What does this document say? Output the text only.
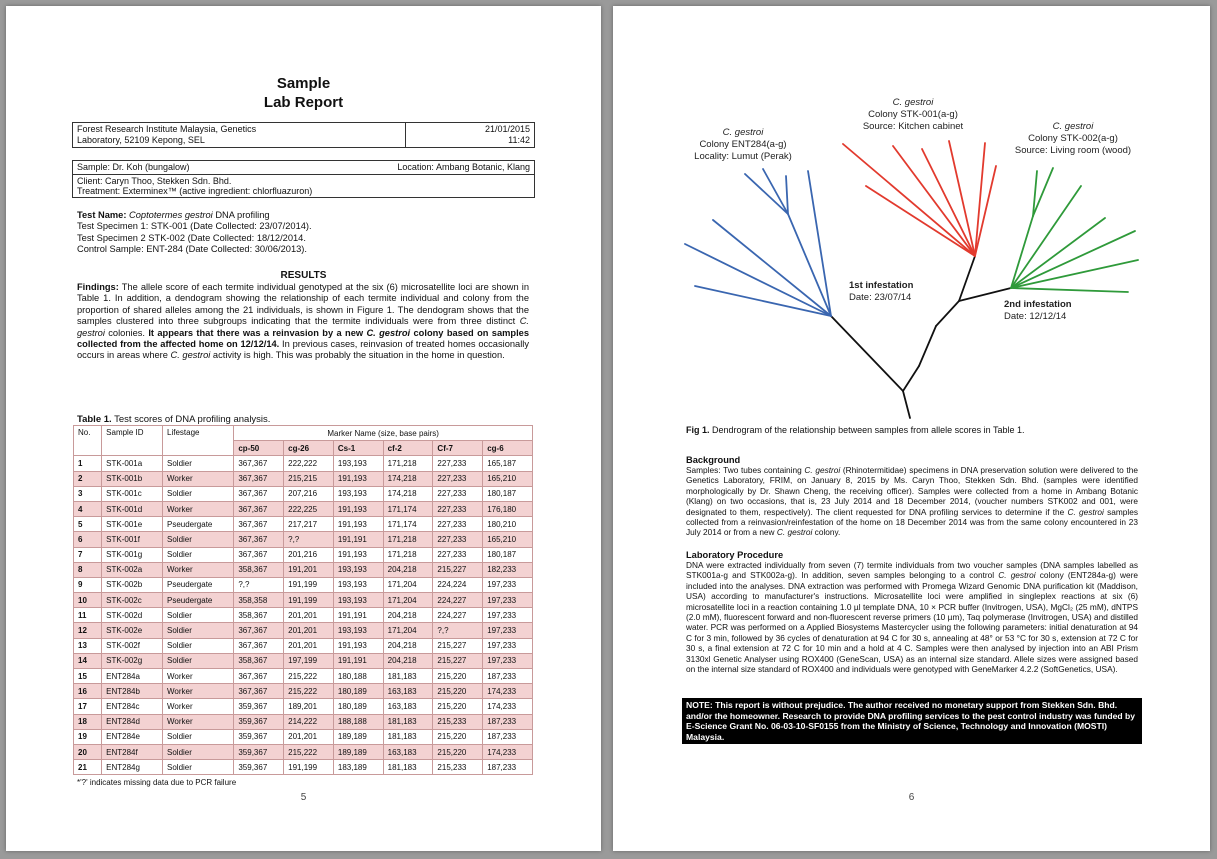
Sample
Lab Report
Forest Research Institute Malaysia, Genetics
Laboratory, 52109 Kepong, SEL	21/01/2015
11:42
Sample: Dr. Koh (bungalow)	Location: Ambang Botanic, Klang
Client: Caryn Thoo, Stekken Sdn. Bhd.
Treatment: Exterminex™ (active ingredient: chlorfluazuron)
Test Name: Coptotermes gestroi DNA profiling
Test Specimen 1: STK-001 (Date Collected: 23/07/2014).
Test Specimen 2 STK-002 (Date Collected: 18/12/2014.
Control Sample: ENT-284 (Date Collected: 30/06/2013).
RESULTS
Findings: The allele score of each termite individual genotyped at the six (6) microsatellite loci are shown in Table 1. In addition, a dendogram showing the relationship of each termite individual and colony from the proportion of shared alleles among the 21 individuals, is shown in Figure 1. The dendogram shows that the samples clustered into three subgroups indicating that the termite individuals were from three distinct C. gestroi colonies. It appears that there was a reinvasion by a new C. gestroi colony based on samples collected from the affected home on 12/12/14. In previous cases, reinvasion of treated homes occasionally occurs in areas where C. gestroi activity is high. This was probably the situation in the home in question.
Table 1. Test scores of DNA profiling analysis.
No.	Sample ID	Lifestage	Marker Name (size, base pairs)					
			cp-50	cg-26	Cs-1	cf-2	Cf-7	cg-6
1	STK-001a	Soldier	367,367	222,222	193,193	171,218	227,233	165,187
2	STK-001b	Worker	367,367	215,215	191,193	174,218	227,233	165,210
3	STK-001c	Soldier	367,367	207,216	193,193	174,218	227,233	180,187
4	STK-001d	Worker	367,367	222,225	191,193	171,174	227,233	176,180
5	STK-001e	Pseudergate	367,367	217,217	191,193	171,174	227,233	180,210
6	STK-001f	Soldier	367,367	?,?	191,191	171,218	227,233	165,210
7	STK-001g	Soldier	367,367	201,216	191,193	171,218	227,233	180,187
8	STK-002a	Worker	358,367	191,201	193,193	204,218	215,227	182,233
9	STK-002b	Pseudergate	?,?	191,199	193,193	171,204	224,224	197,233
10	STK-002c	Pseudergate	358,358	191,199	193,193	171,204	224,227	197,233
11	STK-002d	Soldier	358,367	201,201	191,191	204,218	224,227	197,233
12	STK-002e	Soldier	367,367	201,201	193,193	171,204	?,?	197,233
13	STK-002f	Soldier	367,367	201,201	191,193	204,218	215,227	197,233
14	STK-002g	Soldier	358,367	197,199	191,191	204,218	215,227	197,233
15	ENT284a	Worker	367,367	215,222	180,188	181,183	215,220	187,233
16	ENT284b	Worker	367,367	215,222	180,189	163,183	215,220	174,233
17	ENT284c	Worker	359,367	189,201	180,189	163,183	215,220	174,233
18	ENT284d	Worker	359,367	214,222	188,188	181,183	215,233	187,233
19	ENT284e	Soldier	359,367	201,201	189,189	181,183	215,220	187,233
20	ENT284f	Soldier	359,367	215,222	189,189	163,183	215,220	174,233
21	ENT284g	Soldier	359,367	191,199	183,189	181,183	215,233	187,233
*'?' indicates missing data due to PCR failure
5
C. gestroi
Colony ENT284(a-g)
Locality: Lumut (Perak)
C. gestroi
Colony STK-001(a-g)
Source: Kitchen cabinet	C. gestroi
Colony STK-002(a-g)
Source: Living room (wood)
1st infestation
Date: 23/07/14
2nd infestation
Date: 12/12/14
Fig 1. Dendrogram of the relationship between samples from allele scores in Table 1.
Background
Samples: Two tubes containing C. gestroi (Rhinotermitidae) specimens in DNA preservation solution were delivered to the Genetics Laboratory, FRIM, on January 8, 2015 by Ms. Caryn Thoo, Stekken Sdn. Bhd. (samples were identified morphologically by Dr. Shawn Cheng, the receiving officer). Samples were collected from a home in Ambang Botanic (Klang) on two occasions, that is, 23 July 2014 and 18 December 2014, (voucher numbers STK002 and 001, were designated to them, respectively). The client requested for DNA profiling services to determine if the C. gestroi samples collected from a reinvasion/reinfestation of the home on 18 December 2014 was from the same colony encountered in 23 July 2014 or from a new C. gestroi colony.
Laboratory Procedure
DNA were extracted individually from seven (7) termite individuals from two voucher samples (DNA samples labelled as STK001a-g and STK002a-g). In addition, seven samples belonging to a control C. gestroi colony (ENT284a-g) were included into the analyses. DNA extraction was performed with Promega Wizard Genomic DNA purification kit (Maddison, USA) according to manufacturer's instructions. Microsatellite loci were amplified in singleplex reactions at six (6) microsatellite loci in a reaction containing 1.0 µl template DNA, 10 × PCR buffer (Invitrogen, USA), MgCl₂ (25 mM), dNTPS (2.0 mM), fluorescent forward and non-fluorescent reverse primers (10 µm), Taq polymerase (Invitrogen, USA) and distilled water. PCR was performed on a Applied Biosystems Mastercycler using the following parameters: initial denaturation at 94 C for 3 min, followed by 36 cycles of denaturation at 94 C for 30 s, annealing at 48° or 53 °C for 30 s, extension at 72 C for 30 s, a final extension at 72 C for 10 min and a hold at 4 C. Samples were then analysed by injection into an ABI Prism 3130xl Genetic Analyser using ROX400 (GeneScan, USA) as an internal size standard. Allele sizes were assigned based on the internal size standard of ROX400 and individuals were genotyped with GeneMarker 4.2.2 (SoftGenetics, USA).
NOTE: This report is without prejudice. The author received no monetary support from Stekken Sdn. Bhd. and/or the homeowner. Research to provide DNA profiling services to the pest control industry was funded by E-Science Grant No. 06-03-10-SF0155 from the Ministry of Science, Technology and Innovation (MOSTI) Malaysia.
6
